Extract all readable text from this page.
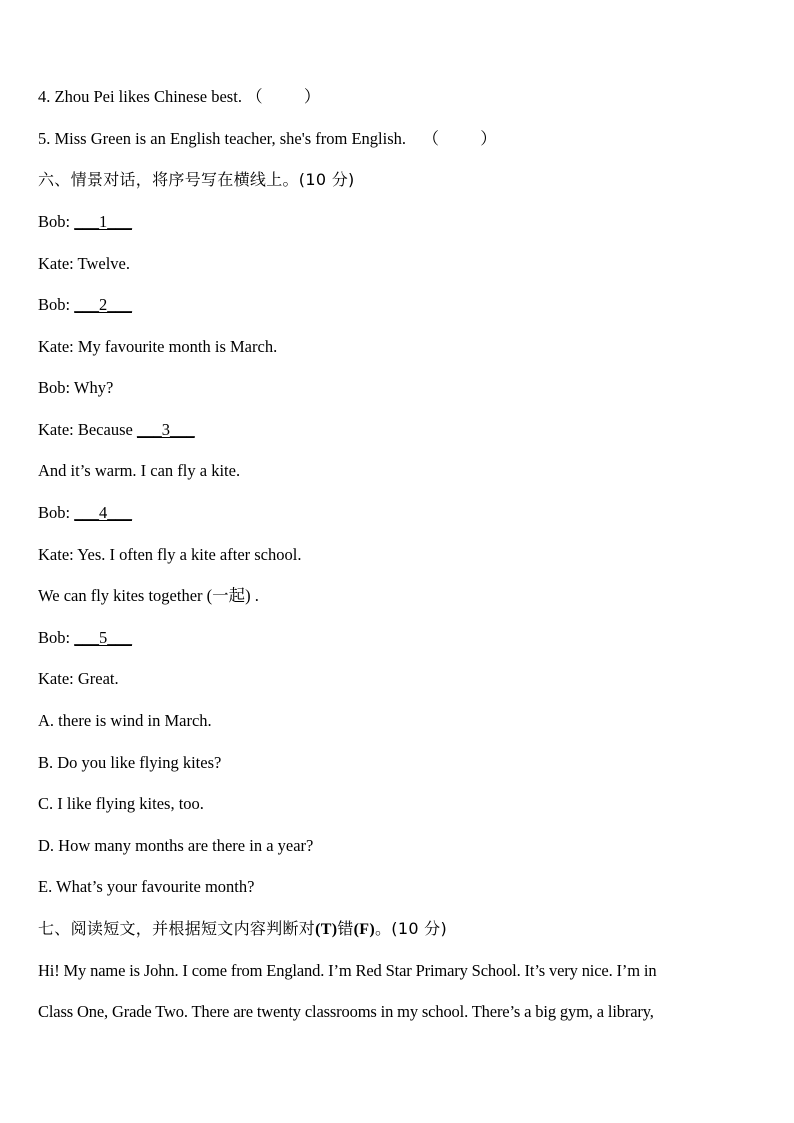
4. Zhou Pei likes Chinese best. （          ）
5. Miss Green is an English teacher, she's from English.    （          ）
六、情景对话，将序号写在横线上。(10 分)
Bob: ___1___
Kate: Twelve.
Bob: ___2___
Kate: My favourite month is March.
Bob: Why?
Kate: Because ___3___
And it’s warm. I can fly a kite.
Bob: ___4___
Kate: Yes. I often fly a kite after school.
We can fly kites together (一起) .
Bob: ___5___
Kate: Great.
A. there is wind in March.
B. Do you like flying kites?
C. I like flying kites, too.
D. How many months are there in a year?
E. What’s your favourite month?
七、阅读短文，并根据短文内容判断对(T)错(F)。(10 分)
Hi! My name is John. I come from England. I’m Red Star Primary School. It’s very nice. I’m in
Class One, Grade Two. There are twenty classrooms in my school. There’s a big gym, a library,
